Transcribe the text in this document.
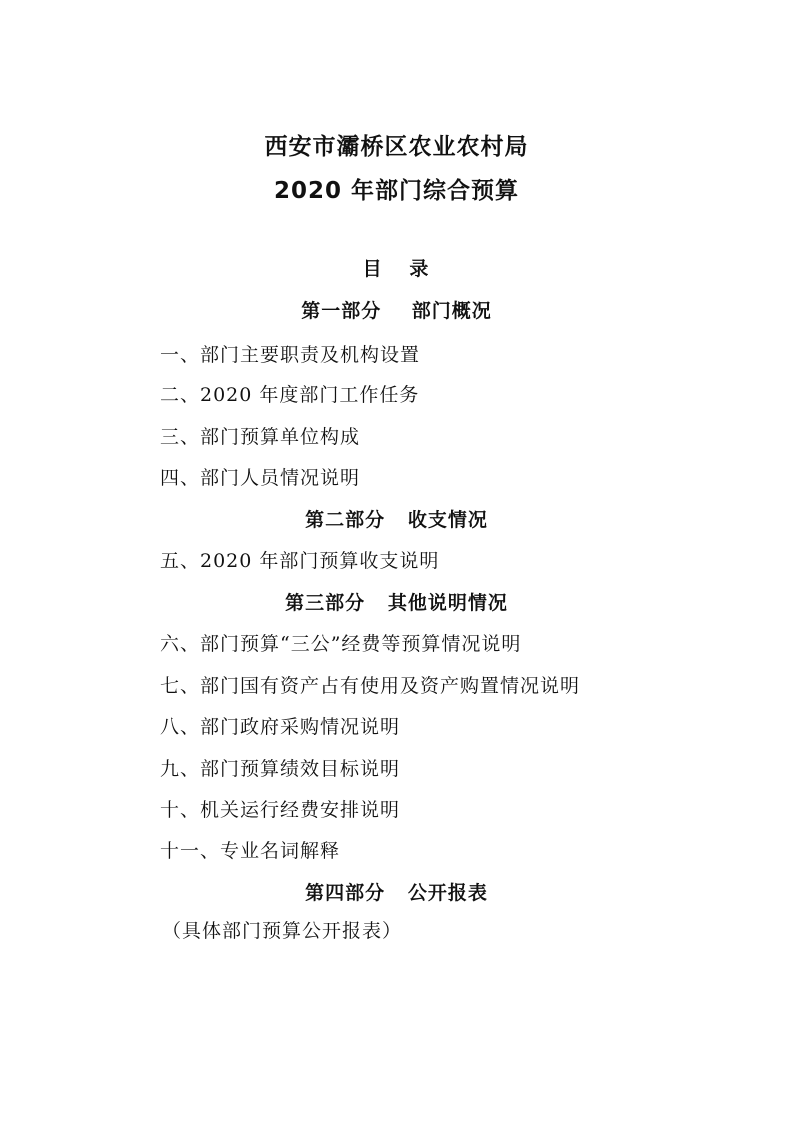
西安市灞桥区农业农村局
2020 年部门综合预算
目   录
第一部分    部门概况
一、部门主要职责及机构设置
二、2020 年度部门工作任务
三、部门预算单位构成
四、部门人员情况说明
第二部分   收支情况
五、2020 年部门预算收支说明
第三部分   其他说明情况
六、部门预算“三公”经费等预算情况说明
七、部门国有资产占有使用及资产购置情况说明
八、部门政府采购情况说明
九、部门预算绩效目标说明
十、机关运行经费安排说明
十一、专业名词解释
第四部分   公开报表
（具体部门预算公开报表）
